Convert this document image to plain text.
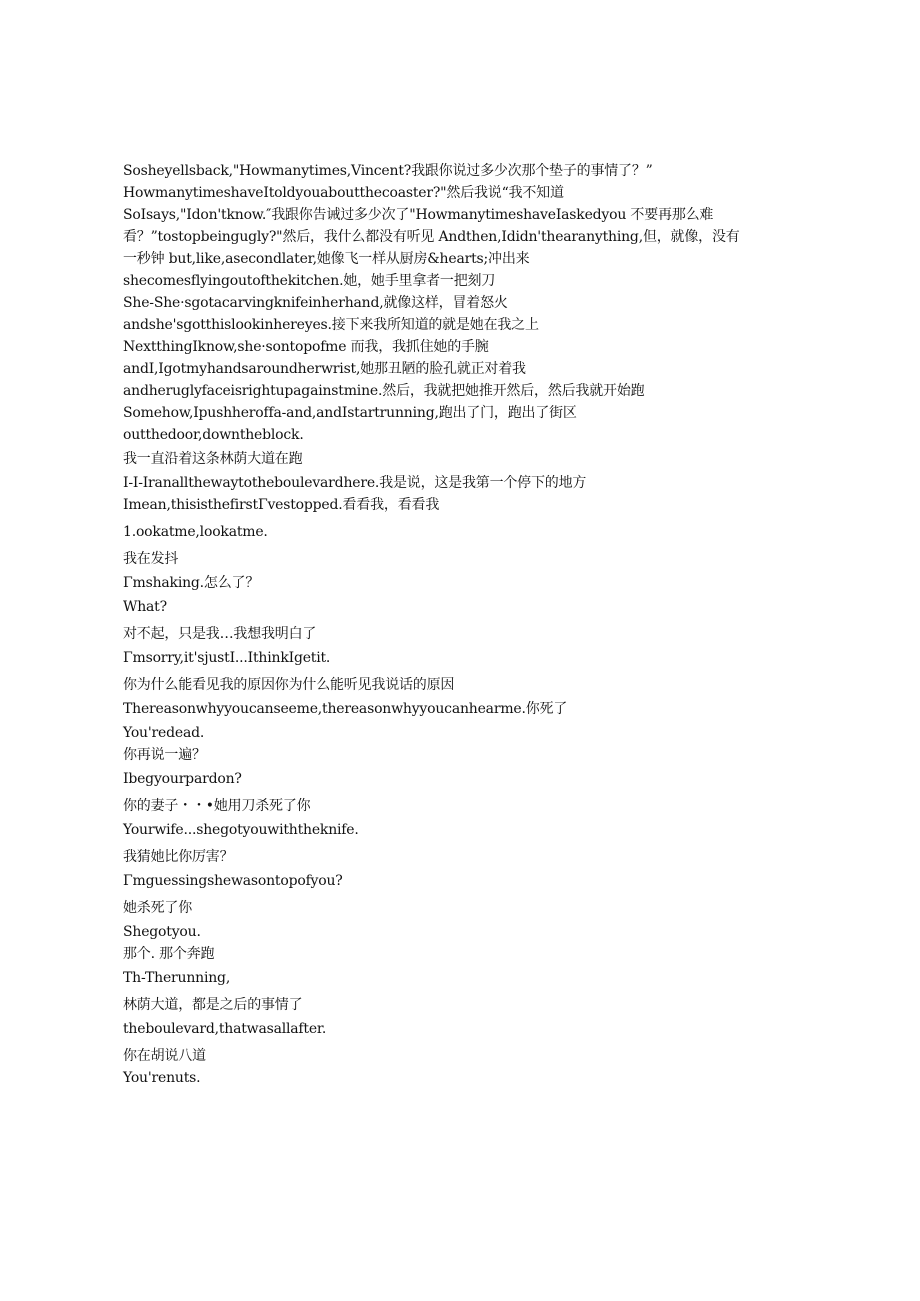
Sosheyellsback,"Howmanytimes,Vincent?我跟你说过多少次那个垫子的事情了？”
HowmanytimeshaveItoldyouaboutthecoaster?"然后我说“我不知道
SoIsays,"Idon'tknow.″我跟你告诫过多少次了"HowmanytimeshaveIaskedyou 不要再那么难
看？”tostopbeingugly?"然后，我什么都没有听见 Andthen,Ididn'thearanything,但，就像，没有
一秒钟 but,like,asecondlater,她像飞一样从厨房&hearts;冲出来
shecomesflyingoutofthekitchen.她，她手里拿者一把刻刀
She-She·sgotacarvingknifeinherhand,就像这样，冒着怒火
andshe'sgotthislookinhereyes.接下来我所知道的就是她在我之上
NextthingIknow,she·sontopofme 而我，我抓住她的手腕
andI,Igotmyhandsaroundherwrist,她那丑陋的脸孔就正对着我
andheruglyfaceisrightupagainstmine.然后，我就把她推开然后，然后我就开始跑
Somehow,Ipushheroffa-and,andIstartrunning,跑出了门，跑出了街区
outthedoor,downtheblock.
我一直沿着这条林荫大道在跑
I-I-Iranallthewaytotheboulevardhere.我是说，这是我第一个停下的地方
Imean,thisisthefirstΓvestopped.看看我，看看我
1.ookatme,lookatme.
我在发抖
Γmshaking.怎么了？
What?
对不起，只是我…我想我明白了
Γmsorry,it'sjustI...IthinkIgetit.
你为什么能看见我的原因你为什么能听见我说话的原因
Thereasonwhyyoucanseeme,thereasonwhyyoucanhearme.你死了
You'redead.
你再说一遍？
Ibegyourpardon?
你的妻子・・•她用刀杀死了你
Yourwife...shegotyouwiththeknife.
我猜她比你厉害？
Γmguessingshewasontopofyou?
她杀死了你
Shegotyou.
那个. 那个奔跑
Th-Therunning,
林荫大道，都是之后的事情了
theboulevard,thatwasallafter.
你在胡说八道
You'renuts.
